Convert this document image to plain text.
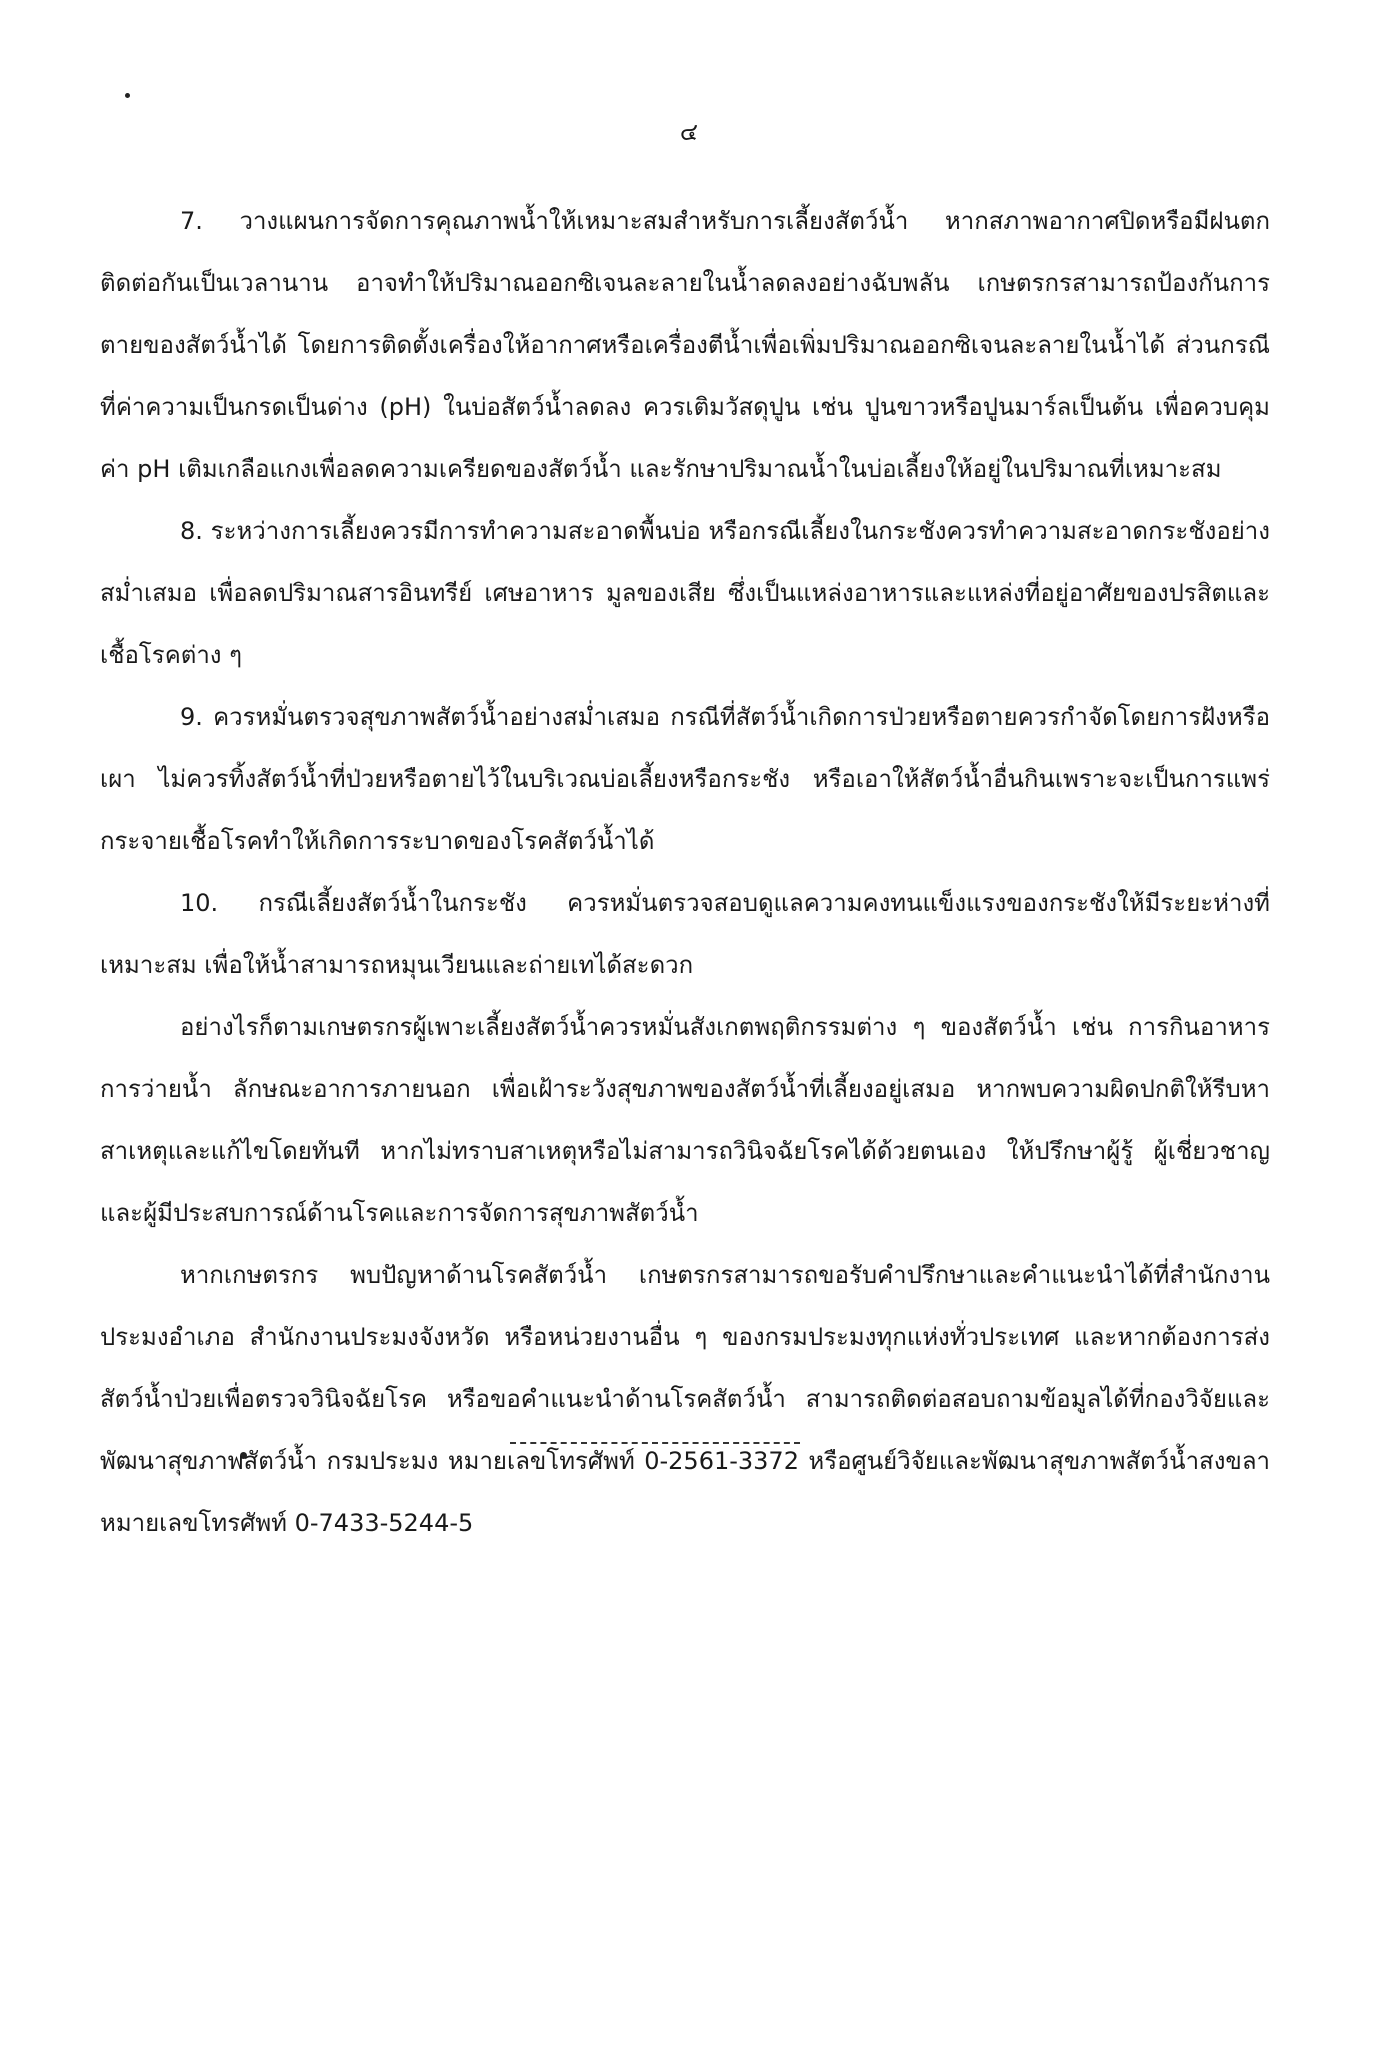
๔

7. วางแผนการจัดการคุณภาพน้ำให้เหมาะสมสำหรับการเลี้ยงสัตว์น้ำ หากสภาพอากาศปิดหรือมีฝนตกติดต่อกันเป็นเวลานาน อาจทำให้ปริมาณออกซิเจนละลายในน้ำลดลงอย่างฉับพลัน เกษตรกรสามารถป้องกันการตายของสัตว์น้ำได้ โดยการติดตั้งเครื่องให้อากาศหรือเครื่องตีน้ำเพื่อเพิ่มปริมาณออกซิเจนละลายในน้ำได้ ส่วนกรณีที่ค่าความเป็นกรดเป็นด่าง (pH) ในบ่อสัตว์น้ำลดลง ควรเติมวัสดุปูน เช่น ปูนขาวหรือปูนมาร์ลเป็นต้น เพื่อควบคุมค่า pH เติมเกลือแกงเพื่อลดความเครียดของสัตว์น้ำ และรักษาปริมาณน้ำในบ่อเลี้ยงให้อยู่ในปริมาณที่เหมาะสม

8. ระหว่างการเลี้ยงควรมีการทำความสะอาดพื้นบ่อ หรือกรณีเลี้ยงในกระชังควรทำความสะอาดกระชังอย่างสม่ำเสมอ เพื่อลดปริมาณสารอินทรีย์ เศษอาหาร มูลของเสีย ซึ่งเป็นแหล่งอาหารและแหล่งที่อยู่อาศัยของปรสิตและเชื้อโรคต่าง ๆ

9. ควรหมั่นตรวจสุขภาพสัตว์น้ำอย่างสม่ำเสมอ กรณีที่สัตว์น้ำเกิดการป่วยหรือตายควรกำจัดโดยการฝังหรือเผา ไม่ควรทิ้งสัตว์น้ำที่ป่วยหรือตายไว้ในบริเวณบ่อเลี้ยงหรือกระชัง หรือเอาให้สัตว์น้ำอื่นกินเพราะจะเป็นการแพร่กระจายเชื้อโรคทำให้เกิดการระบาดของโรคสัตว์น้ำได้

10. กรณีเลี้ยงสัตว์น้ำในกระชัง ควรหมั่นตรวจสอบดูแลความคงทนแข็งแรงของกระชังให้มีระยะห่างที่เหมาะสม เพื่อให้น้ำสามารถหมุนเวียนและถ่ายเทได้สะดวก

อย่างไรก็ตามเกษตรกรผู้เพาะเลี้ยงสัตว์น้ำควรหมั่นสังเกตพฤติกรรมต่าง ๆ ของสัตว์น้ำ เช่น การกินอาหาร การว่ายน้ำ ลักษณะอาการภายนอก เพื่อเฝ้าระวังสุขภาพของสัตว์น้ำที่เลี้ยงอยู่เสมอ หากพบความผิดปกติให้รีบหาสาเหตุและแก้ไขโดยทันที หากไม่ทราบสาเหตุหรือไม่สามารถวินิจฉัยโรคได้ด้วยตนเอง ให้ปรึกษาผู้รู้ ผู้เชี่ยวชาญ และผู้มีประสบการณ์ด้านโรคและการจัดการสุขภาพสัตว์น้ำ

หากเกษตรกร พบปัญหาด้านโรคสัตว์น้ำ เกษตรกรสามารถขอรับคำปรึกษาและคำแนะนำได้ที่สำนักงานประมงอำเภอ สำนักงานประมงจังหวัด หรือหน่วยงานอื่น ๆ ของกรมประมงทุกแห่งทั่วประเทศ และหากต้องการส่งสัตว์น้ำป่วยเพื่อตรวจวินิจฉัยโรค หรือขอคำแนะนำด้านโรคสัตว์น้ำ สามารถติดต่อสอบถามข้อมูลได้ที่กองวิจัยและพัฒนาสุขภาพสัตว์น้ำ กรมประมง หมายเลขโทรศัพท์ 0-2561-3372 หรือศูนย์วิจัยและพัฒนาสุขภาพสัตว์น้ำสงขลา หมายเลขโทรศัพท์ 0-7433-5244-5
